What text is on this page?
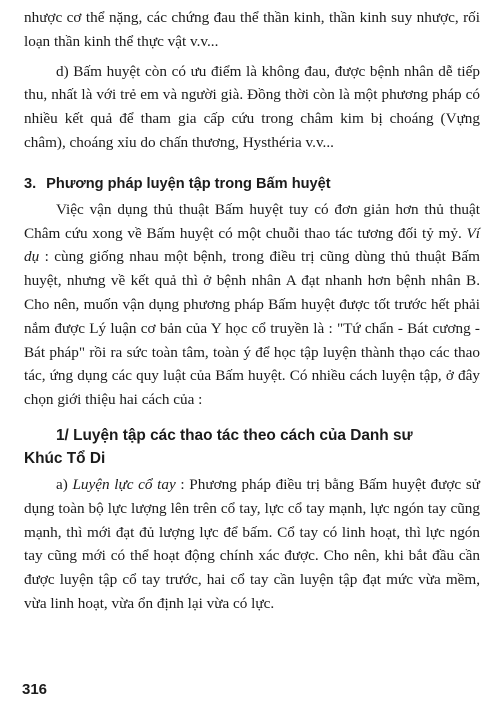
nhược cơ thể nặng, các chứng đau thể thần kinh, thần kinh suy nhược, rối loạn thần kinh thể thực vật v.v...

d) Bấm huyệt còn có ưu điểm là không đau, được bệnh nhân dễ tiếp thu, nhất là với trẻ em và người già. Đồng thời còn là một phương pháp có nhiều kết quả để tham gia cấp cứu trong châm kim bị choáng (Vựng châm), choáng xỉu do chấn thương, Hysthéria v.v...

3. Phương pháp luyện tập trong Bấm huyệt

Việc vận dụng thủ thuật Bấm huyệt tuy có đơn giản hơn thủ thuật Châm cứu xong về Bấm huyệt có một chuỗi thao tác tương đối tỷ mỷ. Ví dụ : cùng giống nhau một bệnh, trong điều trị cũng dùng thủ thuật Bấm huyệt, nhưng về kết quả thì ở bệnh nhân A đạt nhanh hơn bệnh nhân B. Cho nên, muốn vận dụng phương pháp Bấm huyệt được tốt trước hết phải nắm được Lý luận cơ bản của Y học cổ truyền là : "Tứ chẩn - Bát cương - Bát pháp" rồi ra sức toàn tâm, toàn ý để học tập luyện thành thạo các thao tác, ứng dụng các quy luật của Bấm huyệt. Có nhiều cách luyện tập, ở đây chọn giới thiệu hai cách của :

1/ Luyện tập các thao tác theo cách của Danh sư
Khúc Tổ Di

a) Luyện lực cổ tay : Phương pháp điều trị bằng Bấm huyệt được sử dụng toàn bộ lực lượng lên trên cổ tay, lực cổ tay mạnh, lực ngón tay cũng mạnh, thì mới đạt đủ lượng lực để bấm. Cổ tay có linh hoạt, thì lực ngón tay cũng mới có thể hoạt động chính xác được. Cho nên, khi bắt đầu cần được luyện tập cổ tay trước, hai cổ tay cần luyện tập đạt mức vừa mềm, vừa linh hoạt, vừa ổn định lại vừa có lực.

316
